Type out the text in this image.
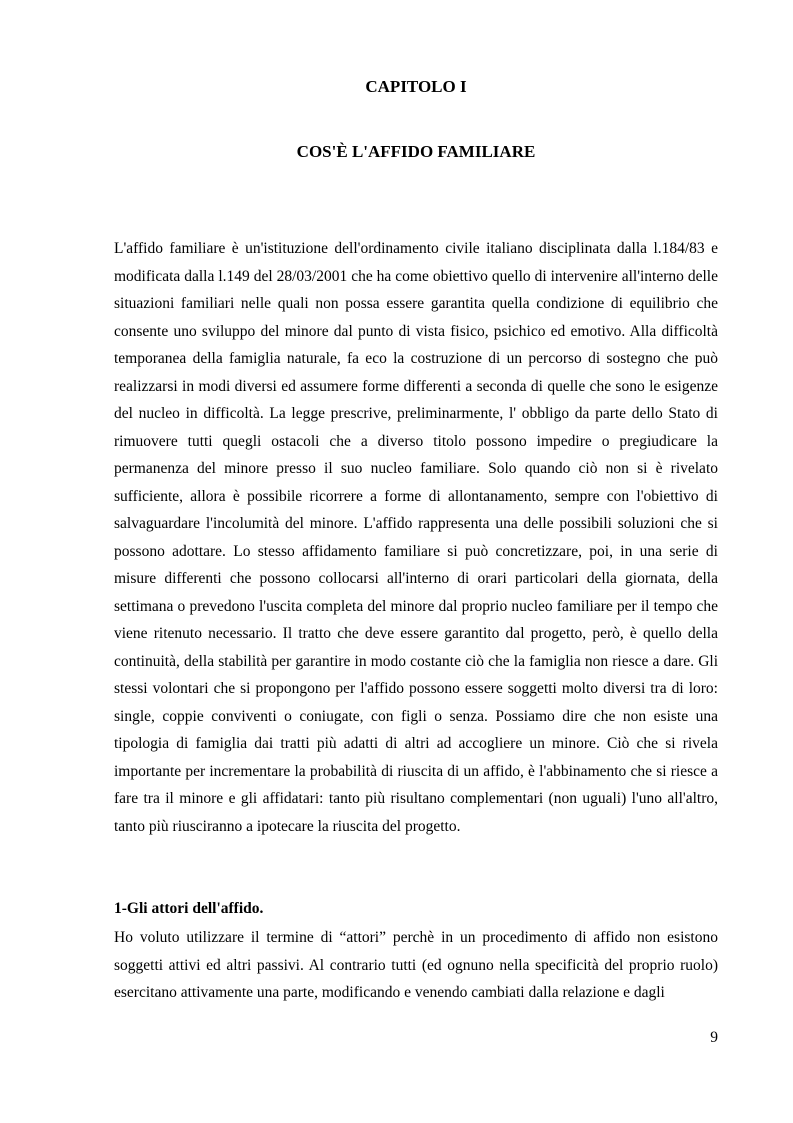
CAPITOLO I
COS'È L'AFFIDO FAMILIARE

L'affido familiare è un'istituzione dell'ordinamento civile italiano disciplinata dalla l.184/83 e modificata dalla l.149 del 28/03/2001 che ha come obiettivo quello di intervenire all'interno delle situazioni familiari nelle quali non possa essere garantita quella condizione di equilibrio che consente uno sviluppo del minore dal punto di vista fisico, psichico ed emotivo. Alla difficoltà temporanea della famiglia naturale, fa eco la costruzione di un percorso di sostegno che può realizzarsi in modi diversi ed assumere forme differenti a seconda di quelle che sono le esigenze del nucleo in difficoltà. La legge prescrive, preliminarmente, l' obbligo da parte dello Stato di rimuovere tutti quegli ostacoli che a diverso titolo possono impedire o pregiudicare la permanenza del minore presso il suo nucleo familiare. Solo quando ciò non si è rivelato sufficiente, allora è possibile ricorrere a forme di allontanamento, sempre con l'obiettivo di salvaguardare l'incolumità del minore. L'affido rappresenta una delle possibili soluzioni che si possono adottare. Lo stesso affidamento familiare si può concretizzare, poi, in una serie di misure differenti che possono collocarsi all'interno di orari particolari della giornata, della settimana o prevedono l'uscita completa del minore dal proprio nucleo familiare per il tempo che viene ritenuto necessario. Il tratto che deve essere garantito dal progetto, però, è quello della continuità, della stabilità per garantire in modo costante ciò che la famiglia non riesce a dare. Gli stessi volontari che si propongono per l'affido possono essere soggetti molto diversi tra di loro: single, coppie conviventi o coniugate, con figli o senza. Possiamo dire che non esiste una tipologia di famiglia dai tratti più adatti di altri ad accogliere un minore. Ciò che si rivela importante per incrementare la probabilità di riuscita di un affido, è l'abbinamento che si riesce a fare tra il minore e gli affidatari: tanto più risultano complementari (non uguali) l'uno all'altro, tanto più riusciranno a ipotecare la riuscita del progetto.

1-Gli attori dell'affido.

Ho voluto utilizzare il termine di “attori” perchè in un procedimento di affido non esistono soggetti attivi ed altri passivi. Al contrario tutti (ed ognuno nella specificità del proprio ruolo) esercitano attivamente una parte, modificando e venendo cambiati dalla relazione e dagli

9
